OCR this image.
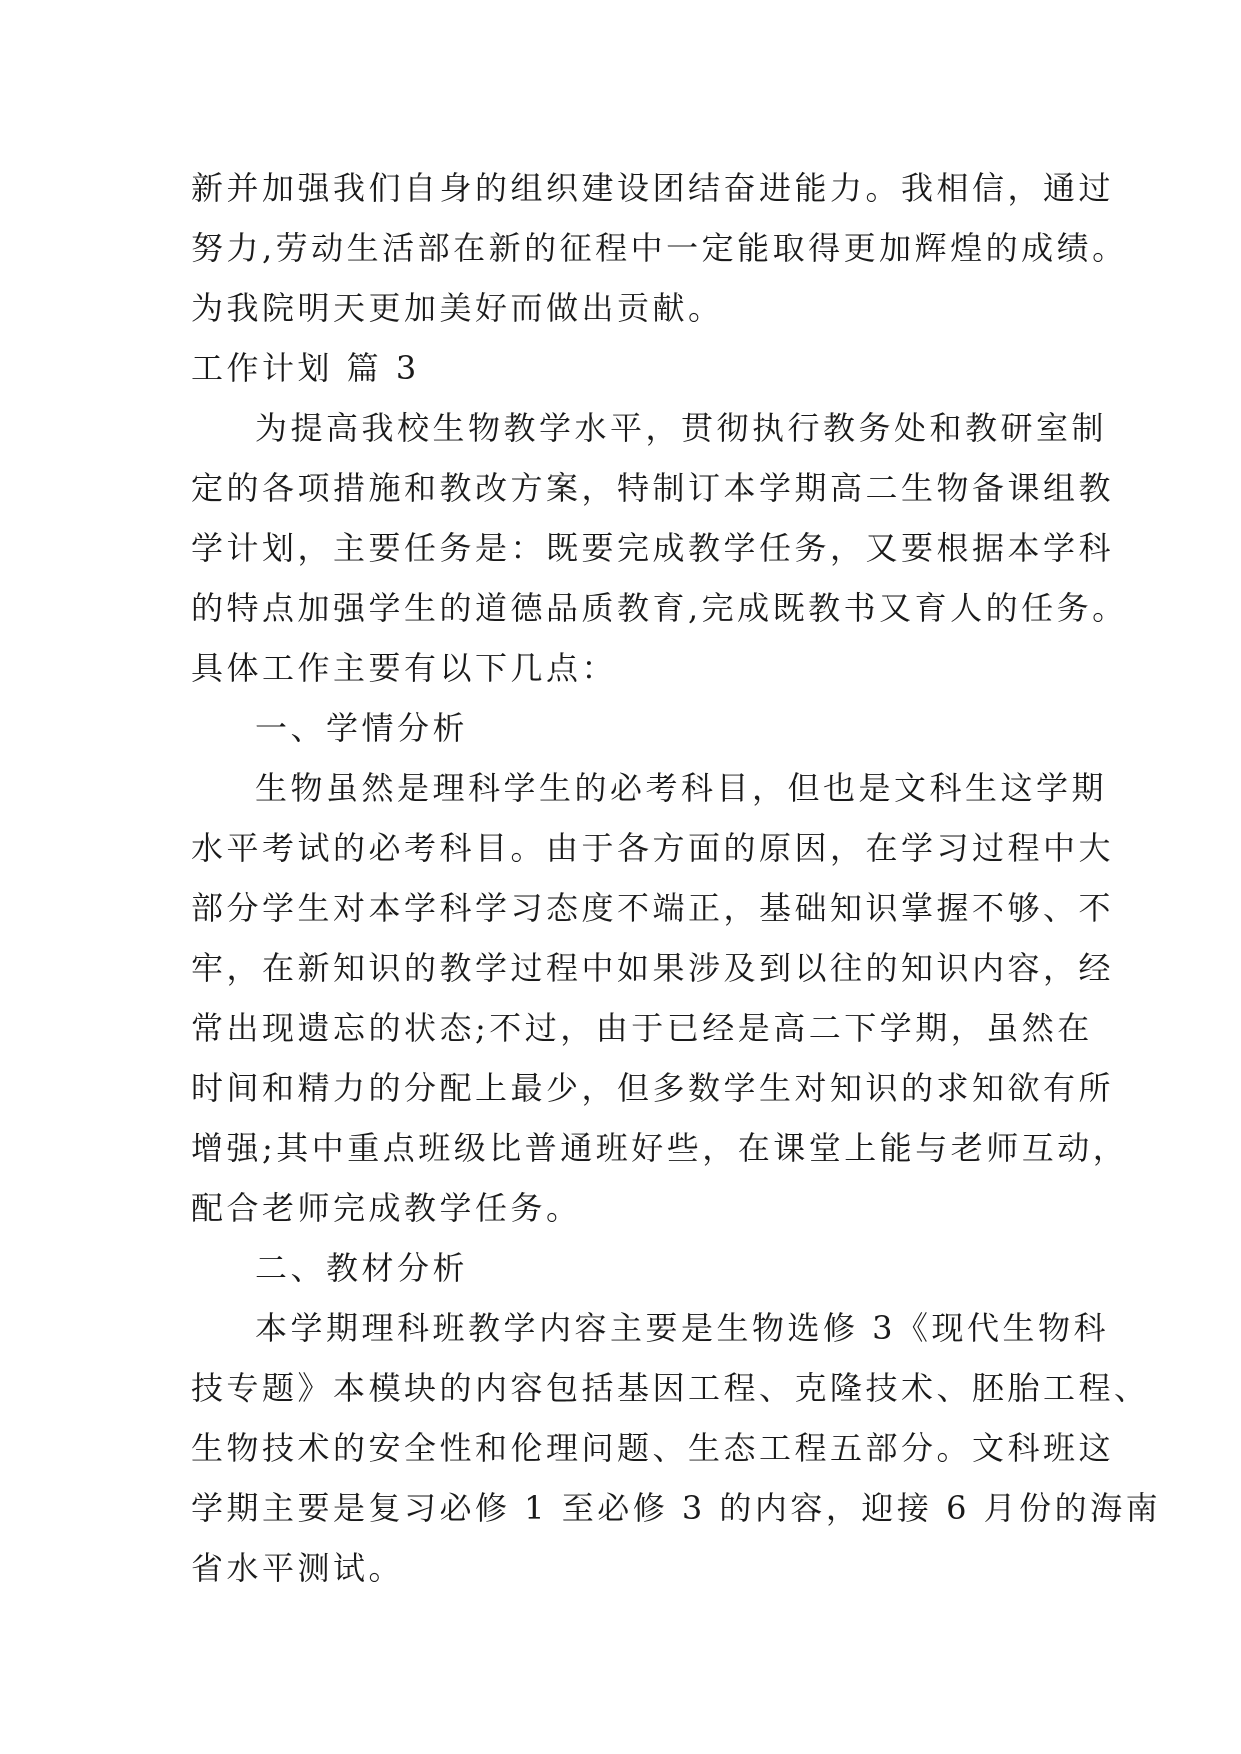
新并加强我们自身的组织建设团结奋进能力。我相信，通过
努力,劳动生活部在新的征程中一定能取得更加辉煌的成绩。
为我院明天更加美好而做出贡献。
工作计划 篇 3
为提高我校生物教学水平，贯彻执行教务处和教研室制
定的各项措施和教改方案，特制订本学期高二生物备课组教
学计划，主要任务是：既要完成教学任务，又要根据本学科
的特点加强学生的道德品质教育,完成既教书又育人的任务。
具体工作主要有以下几点：
一、学情分析
生物虽然是理科学生的必考科目，但也是文科生这学期
水平考试的必考科目。由于各方面的原因，在学习过程中大
部分学生对本学科学习态度不端正，基础知识掌握不够、不
牢，在新知识的教学过程中如果涉及到以往的知识内容，经
常出现遗忘的状态;不过，由于已经是高二下学期，虽然在
时间和精力的分配上最少，但多数学生对知识的求知欲有所
增强;其中重点班级比普通班好些，在课堂上能与老师互动，
配合老师完成教学任务。
二、教材分析
本学期理科班教学内容主要是生物选修 3《现代生物科
技专题》本模块的内容包括基因工程、克隆技术、胚胎工程、
生物技术的安全性和伦理问题、生态工程五部分。文科班这
学期主要是复习必修 1 至必修 3 的内容，迎接 6 月份的海南
省水平测试。
